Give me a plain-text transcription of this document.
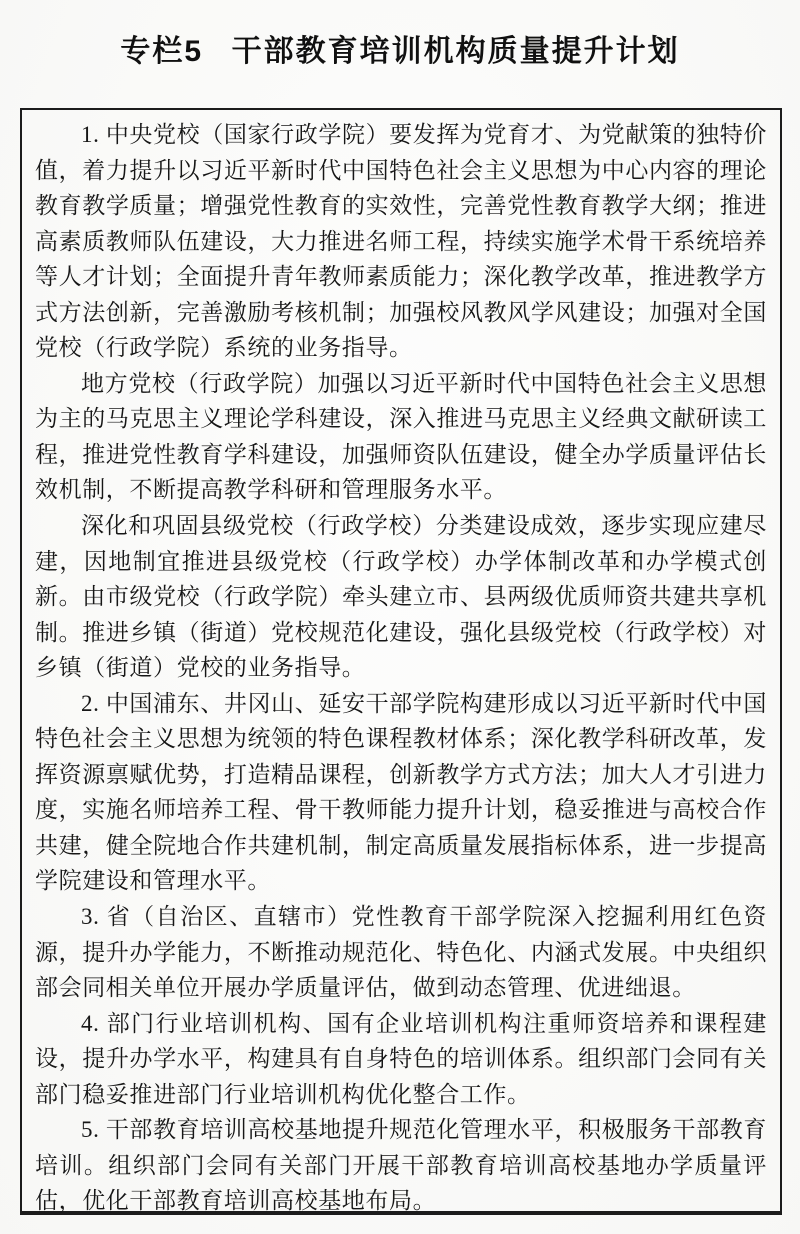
专栏5 干部教育培训机构质量提升计划

1. 中央党校（国家行政学院）要发挥为党育才、为党献策的独特价值，着力提升以习近平新时代中国特色社会主义思想为中心内容的理论教育教学质量；增强党性教育的实效性，完善党性教育教学大纲；推进高素质教师队伍建设，大力推进名师工程，持续实施学术骨干系统培养等人才计划；全面提升青年教师素质能力；深化教学改革，推进教学方式方法创新，完善激励考核机制；加强校风教风学风建设；加强对全国党校（行政学院）系统的业务指导。

地方党校（行政学院）加强以习近平新时代中国特色社会主义思想为主的马克思主义理论学科建设，深入推进马克思主义经典文献研读工程，推进党性教育学科建设，加强师资队伍建设，健全办学质量评估长效机制，不断提高教学科研和管理服务水平。

深化和巩固县级党校（行政学校）分类建设成效，逐步实现应建尽建，因地制宜推进县级党校（行政学校）办学体制改革和办学模式创新。由市级党校（行政学院）牵头建立市、县两级优质师资共建共享机制。推进乡镇（街道）党校规范化建设，强化县级党校（行政学校）对乡镇（街道）党校的业务指导。

2. 中国浦东、井冈山、延安干部学院构建形成以习近平新时代中国特色社会主义思想为统领的特色课程教材体系；深化教学科研改革，发挥资源禀赋优势，打造精品课程，创新教学方式方法；加大人才引进力度，实施名师培养工程、骨干教师能力提升计划，稳妥推进与高校合作共建，健全院地合作共建机制，制定高质量发展指标体系，进一步提高学院建设和管理水平。

3. 省（自治区、直辖市）党性教育干部学院深入挖掘利用红色资源，提升办学能力，不断推动规范化、特色化、内涵式发展。中央组织部会同相关单位开展办学质量评估，做到动态管理、优进绌退。

4. 部门行业培训机构、国有企业培训机构注重师资培养和课程建设，提升办学水平，构建具有自身特色的培训体系。组织部门会同有关部门稳妥推进部门行业培训机构优化整合工作。

5. 干部教育培训高校基地提升规范化管理水平，积极服务干部教育培训。组织部门会同有关部门开展干部教育培训高校基地办学质量评估，优化干部教育培训高校基地布局。
